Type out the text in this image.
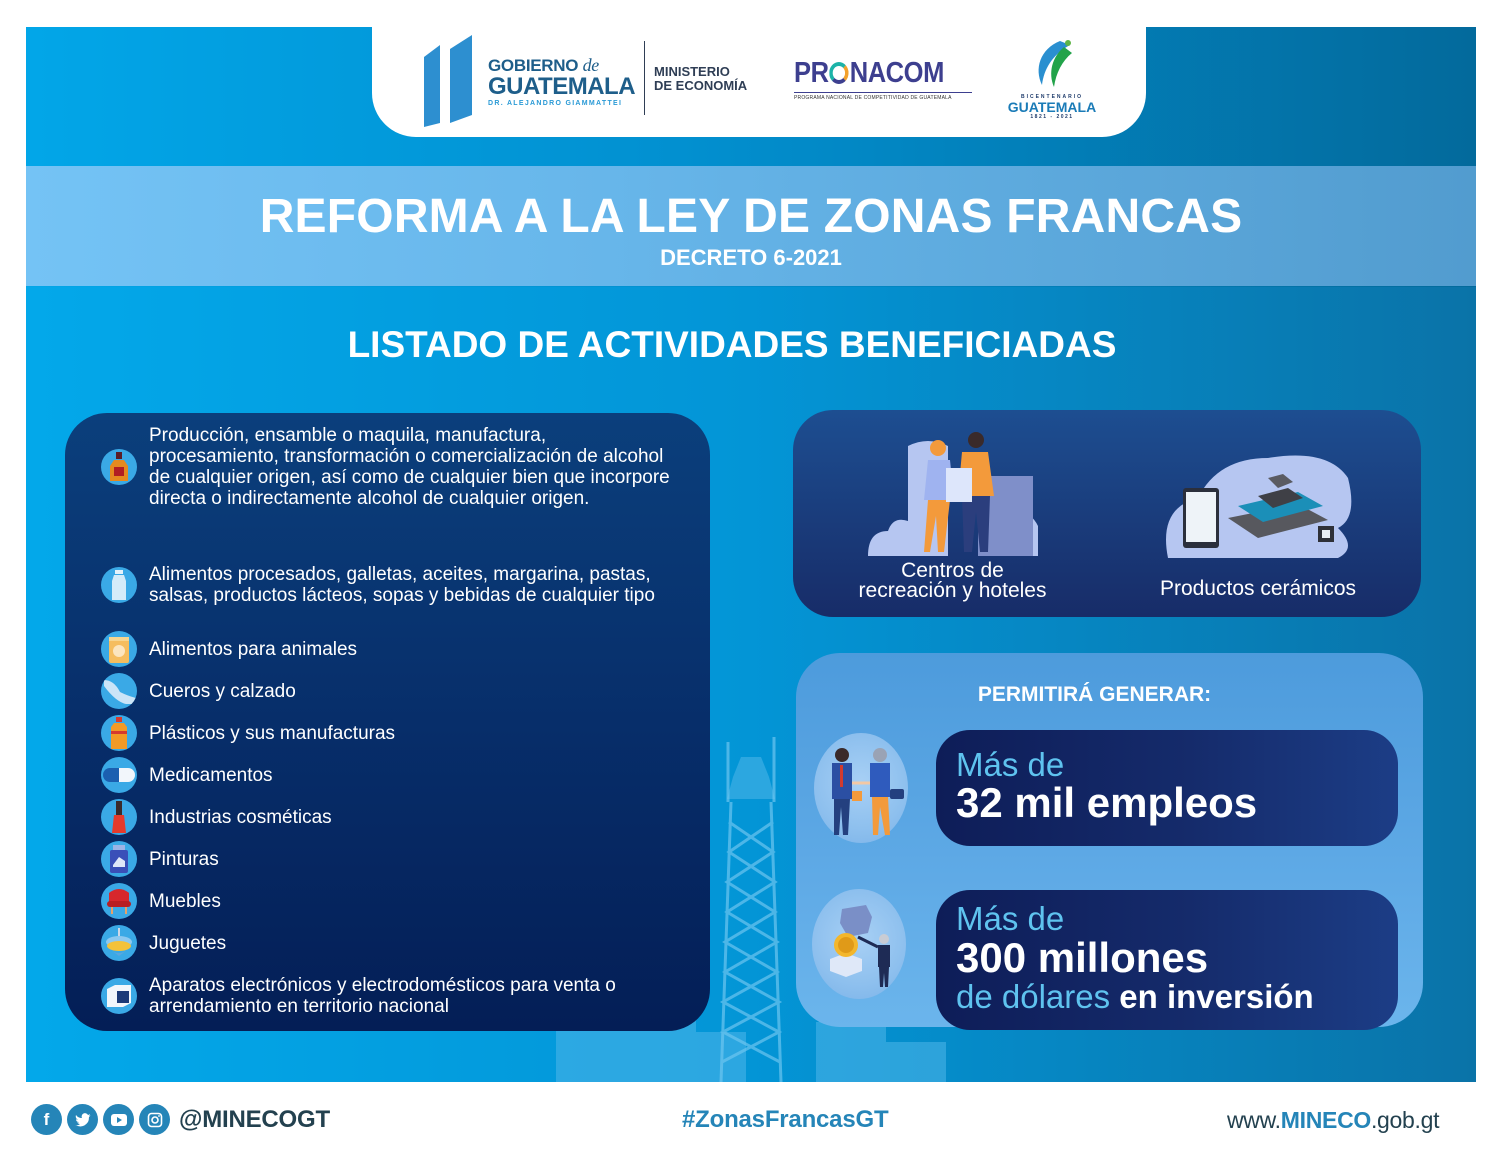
GOBIERNO de
GUATEMALA
DR. ALEJANDRO GIAMMATTEI
MINISTERIO
DE ECONOMÍA PR NACOM
PROGRAMA NACIONAL DE COMPETITIVIDAD DE GUATEMALA	BICENTENARIO
GUATEMALA
1821 - 2021
REFORMA A LA LEY DE ZONAS FRANCAS
DECRETO 6-2021
LISTADO DE ACTIVIDADES BENEFICIADAS
Producción, ensamble o maquila, manufactura, procesamiento, transformación o comercialización de alcohol de cualquier origen, así como de cualquier bien que incorpore directa o indirectamente alcohol de cualquier origen.
Alimentos procesados, galletas, aceites, margarina, pastas, salsas, productos lácteos, sopas y bebidas de cualquier tipo
Alimentos para animales
Cueros y calzado
Plásticos y sus manufacturas
Medicamentos
Industrias cosméticas
Pinturas
Muebles
Juguetes
Aparatos electrónicos y electrodomésticos para venta o arrendamiento en territorio nacional
Centros de
recreación y hoteles	Productos cerámicos
PERMITIRÁ GENERAR:
Más de
32 mil empleos
Más de
300 millones
de dólares en inversión
f	@MINECOGT	#ZonasFrancasGT	www.MINECO.gob.gt
